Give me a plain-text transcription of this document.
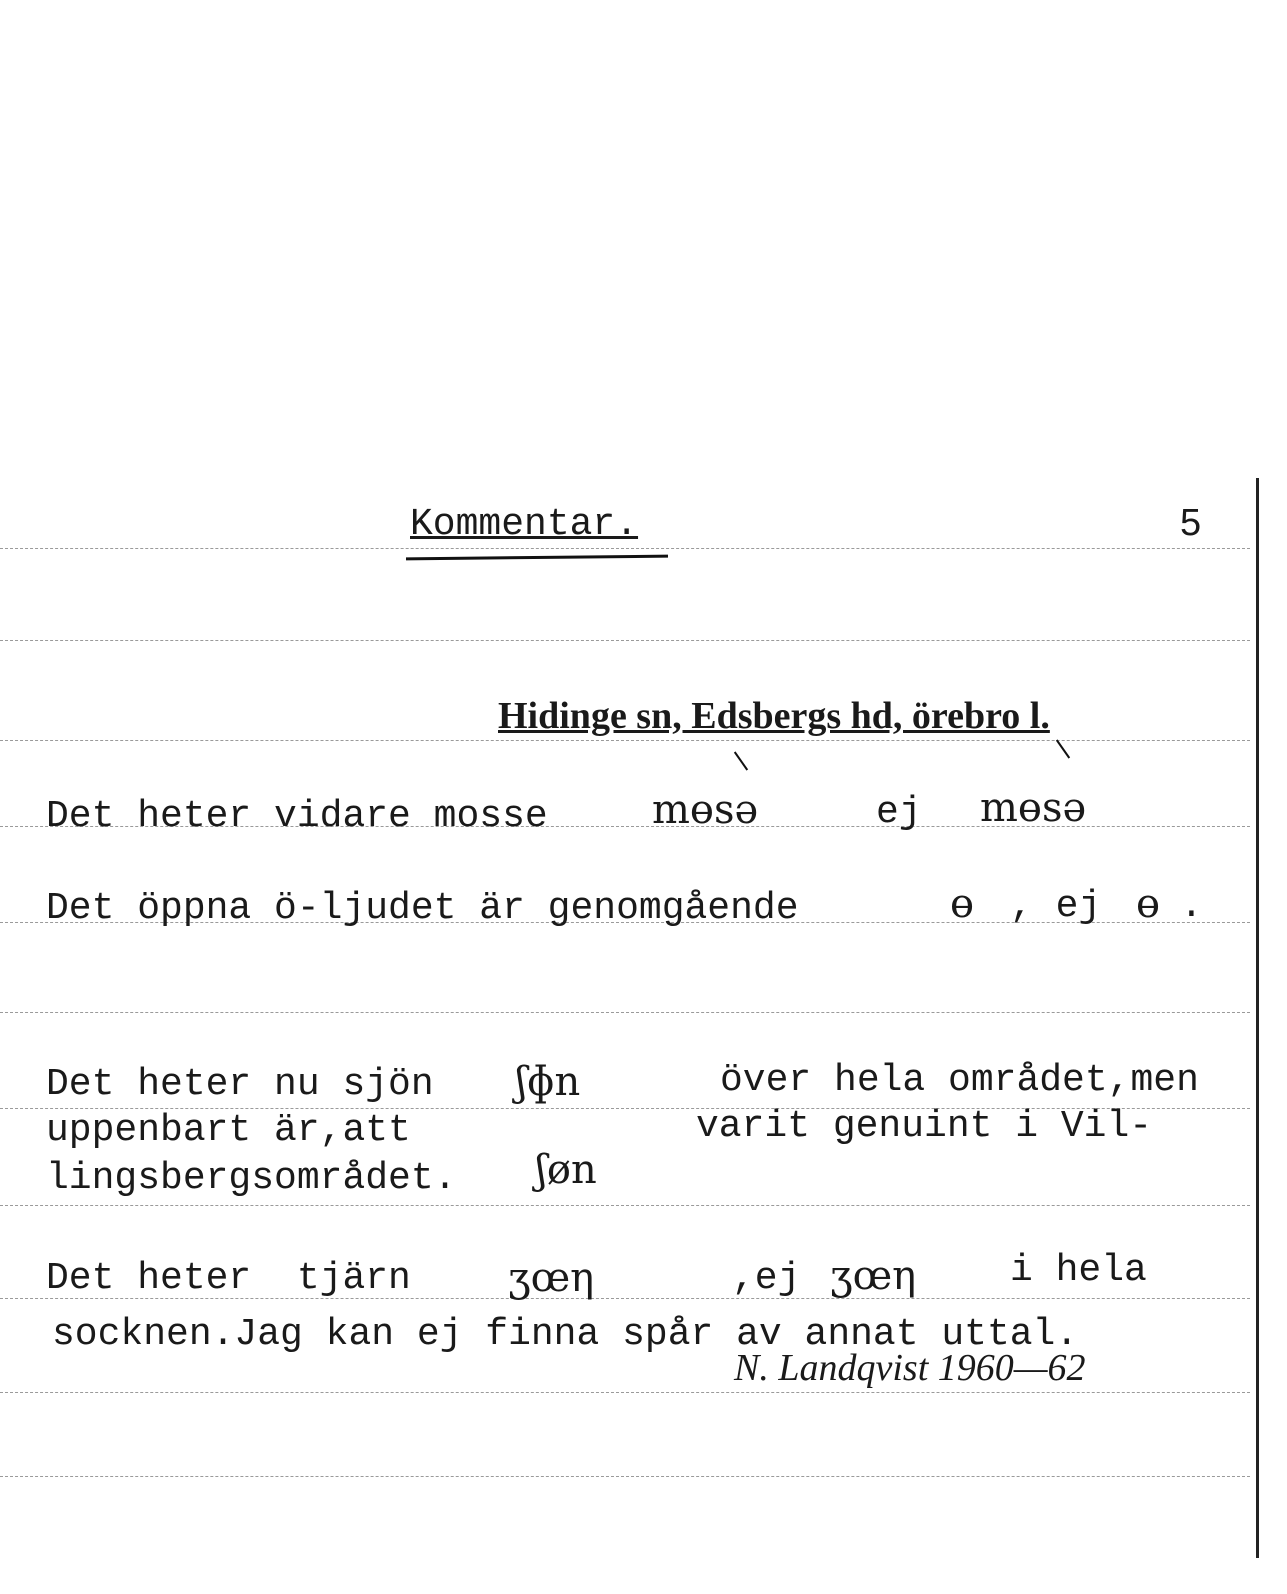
Kommentar.	5
Hidinge sn, Edsbergs hd, örebro l.
Det heter vidare mosse	mɵsə	ej mɵsə
Det öppna ö-ljudet är genomgående	ɵ , ej ɵ .
Det heter nu sjön ʃɸn	över hela området,men
uppenbart är,att	varit genuint i Vil-
lingsbergsområdet. ʃøn
Det heter  tjärn ʒœη	,ej ʒœη i hela
socknen.Jag kan ej finna spår av annat uttal.
N. Landqvist 1960—62
